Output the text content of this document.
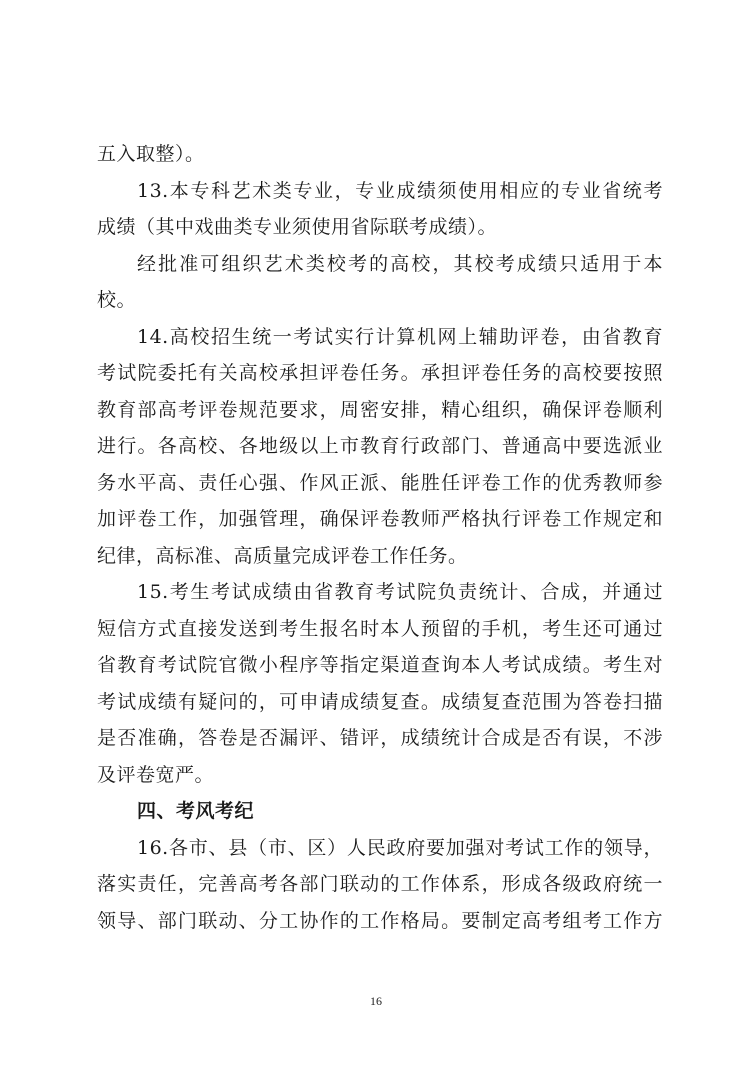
五入取整）。
13.本专科艺术类专业，专业成绩须使用相应的专业省统考
成绩（其中戏曲类专业须使用省际联考成绩）。
经批准可组织艺术类校考的高校，其校考成绩只适用于本
校。
14.高校招生统一考试实行计算机网上辅助评卷，由省教育
考试院委托有关高校承担评卷任务。承担评卷任务的高校要按照
教育部高考评卷规范要求，周密安排，精心组织，确保评卷顺利
进行。各高校、各地级以上市教育行政部门、普通高中要选派业
务水平高、责任心强、作风正派、能胜任评卷工作的优秀教师参
加评卷工作，加强管理，确保评卷教师严格执行评卷工作规定和
纪律，高标准、高质量完成评卷工作任务。
15.考生考试成绩由省教育考试院负责统计、合成，并通过
短信方式直接发送到考生报名时本人预留的手机，考生还可通过
省教育考试院官微小程序等指定渠道查询本人考试成绩。考生对
考试成绩有疑问的，可申请成绩复查。成绩复查范围为答卷扫描
是否准确，答卷是否漏评、错评，成绩统计合成是否有误，不涉
及评卷宽严。
四、考风考纪
16.各市、县（市、区）人民政府要加强对考试工作的领导，
落实责任，完善高考各部门联动的工作体系，形成各级政府统一
领导、部门联动、分工协作的工作格局。要制定高考组考工作方
16
